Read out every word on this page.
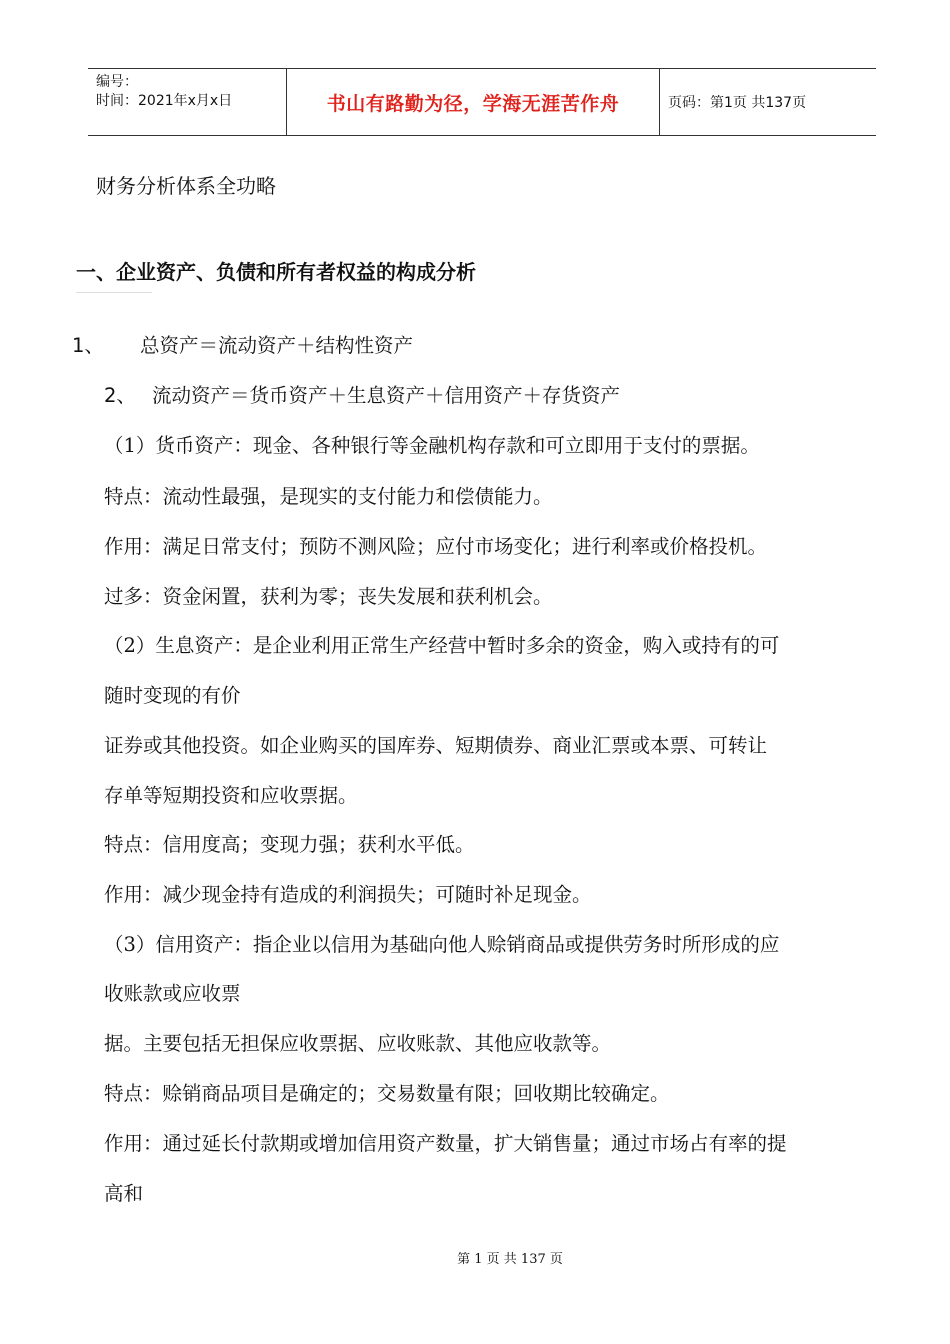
编号：
时间：2021年x月x日	书山有路勤为径，学海无涯苦作舟	页码：第1页 共137页
财务分析体系全功略
一、企业资产、负债和所有者权益的构成分析
1、 总资产＝流动资产＋结构性资产
2、 流动资产＝货币资产＋生息资产＋信用资产＋存货资产
（1）货币资产：现金、各种银行等金融机构存款和可立即用于支付的票据。
特点：流动性最强，是现实的支付能力和偿债能力。
作用：满足日常支付；预防不测风险；应付市场变化；进行利率或价格投机。
过多：资金闲置，获利为零；丧失发展和获利机会。
（2）生息资产：是企业利用正常生产经营中暂时多余的资金，购入或持有的可
随时变现的有价
证券或其他投资。如企业购买的国库券、短期债券、商业汇票或本票、可转让
存单等短期投资和应收票据。
特点：信用度高；变现力强；获利水平低。
作用：减少现金持有造成的利润损失；可随时补足现金。
（3）信用资产：指企业以信用为基础向他人赊销商品或提供劳务时所形成的应
收账款或应收票
据。主要包括无担保应收票据、应收账款、其他应收款等。
特点：赊销商品项目是确定的；交易数量有限；回收期比较确定。
作用：通过延长付款期或增加信用资产数量，扩大销售量；通过市场占有率的提
高和
第 1 页 共 137 页
